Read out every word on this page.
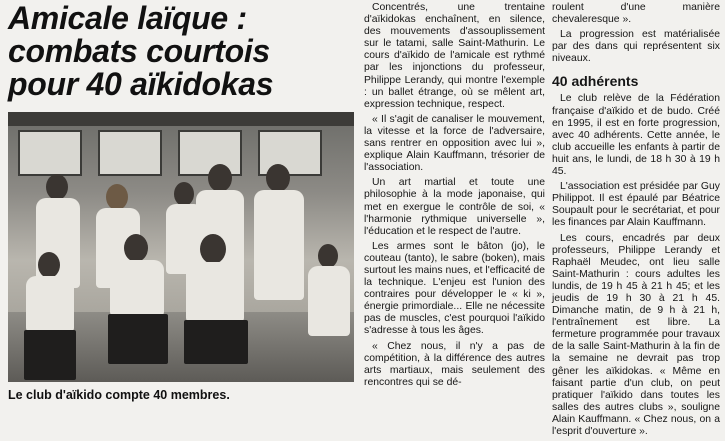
Amicale laïque :
combats courtois
pour 40 aïkidokas
Le club d'aïkido compte 40 membres.

Concentrés, une trentaine d'aïkidokas enchaînent, en silence, des mouvements d'assouplissement sur le tatami, salle Saint-Mathurin. Le cours d'aïkido de l'amicale est rythmé par les injonctions du professeur, Philippe Lerandy, qui montre l'exemple : un ballet étrange, où se mêlent art, expression technique, respect.

« Il s'agit de canaliser le mouvement, la vitesse et la force de l'adversaire, sans rentrer en opposition avec lui », explique Alain Kauffmann, trésorier de l'association.

Un art martial et toute une philosophie à la mode japonaise, qui met en exergue le contrôle de soi, « l'harmonie rythmique universelle », l'éducation et le respect de l'autre.

Les armes sont le bâton (jo), le couteau (tanto), le sabre (boken), mais surtout les mains nues, et l'efficacité de la technique. L'enjeu est l'union des contraires pour développer le « ki », énergie primordiale... Elle ne nécessite pas de muscles, c'est pourquoi l'aïkido s'adresse à tous les âges.

« Chez nous, il n'y a pas de compétition, à la différence des autres arts martiaux, mais seulement des rencontres qui se dé-

roulent d'une manière chevaleresque ».

La progression est matérialisée par des dans qui représentent six niveaux.

40 adhérents

Le club relève de la Fédération française d'aïkido et de budo. Créé en 1995, il est en forte progression, avec 40 adhérents. Cette année, le club accueille les enfants à partir de huit ans, le lundi, de 18 h 30 à 19 h 45.

L'association est présidée par Guy Philippot. Il est épaulé par Béatrice Soupault pour le secrétariat, et pour les finances par Alain Kauffmann.

Les cours, encadrés par deux professeurs, Philippe Lerandy et Raphaël Meudec, ont lieu salle Saint-Mathurin : cours adultes les lundis, de 19 h 45 à 21 h 45; et les jeudis de 19 h 30 à 21 h 45. Dimanche matin, de 9 h à 21 h, l'entraînement est libre. La fermeture programmée pour travaux de la salle Saint-Mathurin à la fin de la semaine ne devrait pas trop gêner les aïkidokas. « Même en faisant partie d'un club, on peut pratiquer l'aïkido dans toutes les salles des autres clubs », souligne Alain Kauffmann. « Chez nous, on a l'esprit d'ouverture ».
